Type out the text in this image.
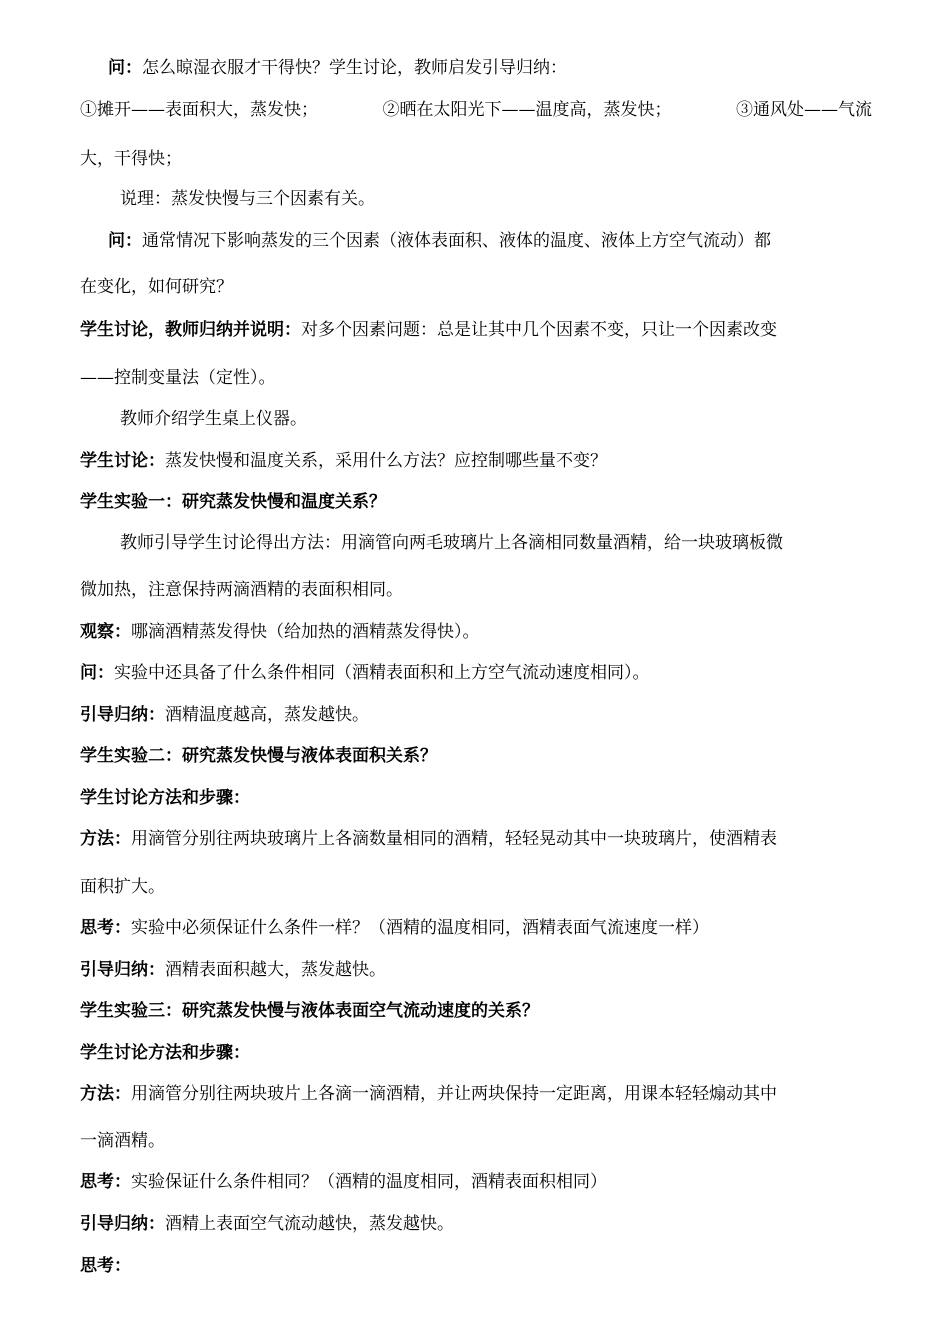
问：怎么晾湿衣服才干得快？学生讨论，教师启发引导归纳：
①摊开——表面积大，蒸发快；	②晒在太阳光下——温度高，蒸发快；	③通风处——气流
大，干得快；
说理：蒸发快慢与三个因素有关。
问：通常情况下影响蒸发的三个因素（液体表面积、液体的温度、液体上方空气流动）都
在变化，如何研究？
学生讨论，教师归纳并说明：对多个因素问题：总是让其中几个因素不变，只让一个因素改变
——控制变量法（定性）。
教师介绍学生桌上仪器。
学生讨论：蒸发快慢和温度关系，采用什么方法？应控制哪些量不变？
学生实验一：研究蒸发快慢和温度关系？
教师引导学生讨论得出方法：用滴管向两毛玻璃片上各滴相同数量酒精，给一块玻璃板微
微加热，注意保持两滴酒精的表面积相同。
观察：哪滴酒精蒸发得快（给加热的酒精蒸发得快）。
问：实验中还具备了什么条件相同（酒精表面积和上方空气流动速度相同）。
引导归纳：酒精温度越高，蒸发越快。
学生实验二：研究蒸发快慢与液体表面积关系？
学生讨论方法和步骤：
方法：用滴管分别往两块玻璃片上各滴数量相同的酒精，轻轻晃动其中一块玻璃片，使酒精表
面积扩大。
思考：实验中必须保证什么条件一样？（酒精的温度相同，酒精表面气流速度一样）
引导归纳：酒精表面积越大，蒸发越快。
学生实验三：研究蒸发快慢与液体表面空气流动速度的关系？
学生讨论方法和步骤：
方法：用滴管分别往两块玻片上各滴一滴酒精，并让两块保持一定距离，用课本轻轻煽动其中
一滴酒精。
思考：实验保证什么条件相同？（酒精的温度相同，酒精表面积相同）
引导归纳：酒精上表面空气流动越快，蒸发越快。
思考：
